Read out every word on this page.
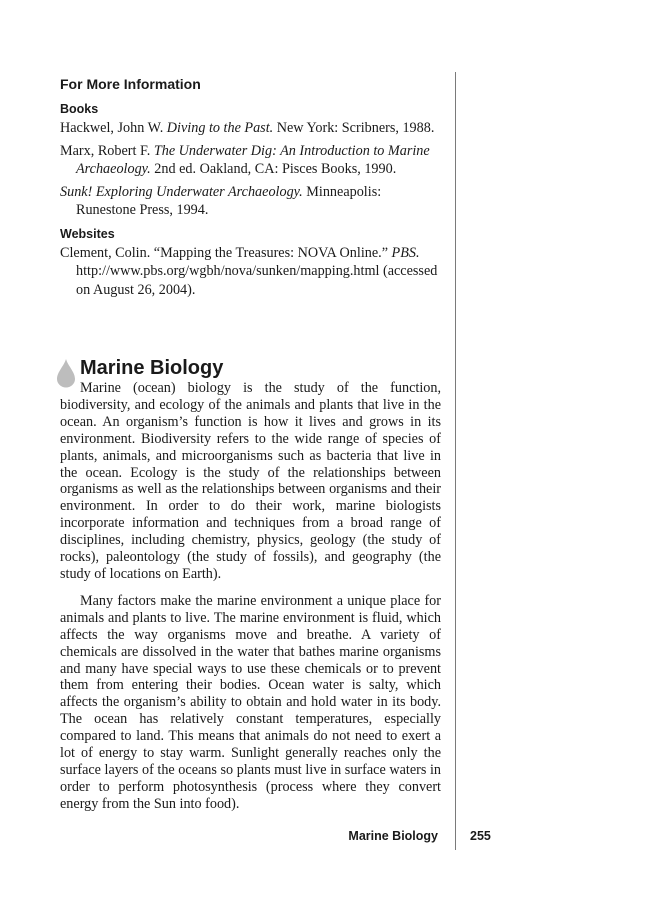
For More Information
Books

Hackwel, John W. Diving to the Past. New York: Scribners, 1988.

Marx, Robert F. The Underwater Dig: An Introduction to Marine Archaeology. 2nd ed. Oakland, CA: Pisces Books, 1990.

Sunk! Exploring Underwater Archaeology. Minneapolis: Runestone Press, 1994.

Websites

Clement, Colin. “Mapping the Treasures: NOVA Online.” PBS. http://www.pbs.org/wgbh/nova/sunken/mapping.html (accessed on August 26, 2004).

Marine Biology

Marine (ocean) biology is the study of the function, biodiversity, and ecology of the animals and plants that live in the ocean. An organism’s function is how it lives and grows in its environment. Biodiversity refers to the wide range of species of plants, animals, and microorganisms such as bacteria that live in the ocean. Ecology is the study of the relationships between organisms as well as the relationships between organisms and their environment. In order to do their work, marine biologists incorporate information and techniques from a broad range of disciplines, including chemistry, physics, geology (the study of rocks), paleontology (the study of fossils), and geography (the study of locations on Earth).

Many factors make the marine environment a unique place for animals and plants to live. The marine environment is fluid, which affects the way organisms move and breathe. A variety of chemicals are dissolved in the water that bathes marine organisms and many have special ways to use these chemicals or to prevent them from entering their bodies. Ocean water is salty, which affects the organism’s ability to obtain and hold water in its body. The ocean has relatively constant temperatures, especially compared to land. This means that animals do not need to exert a lot of energy to stay warm. Sunlight generally reaches only the surface layers of the oceans so plants must live in surface waters in order to perform photosynthesis (process where they convert energy from the Sun into food).

Marine Biology	255
